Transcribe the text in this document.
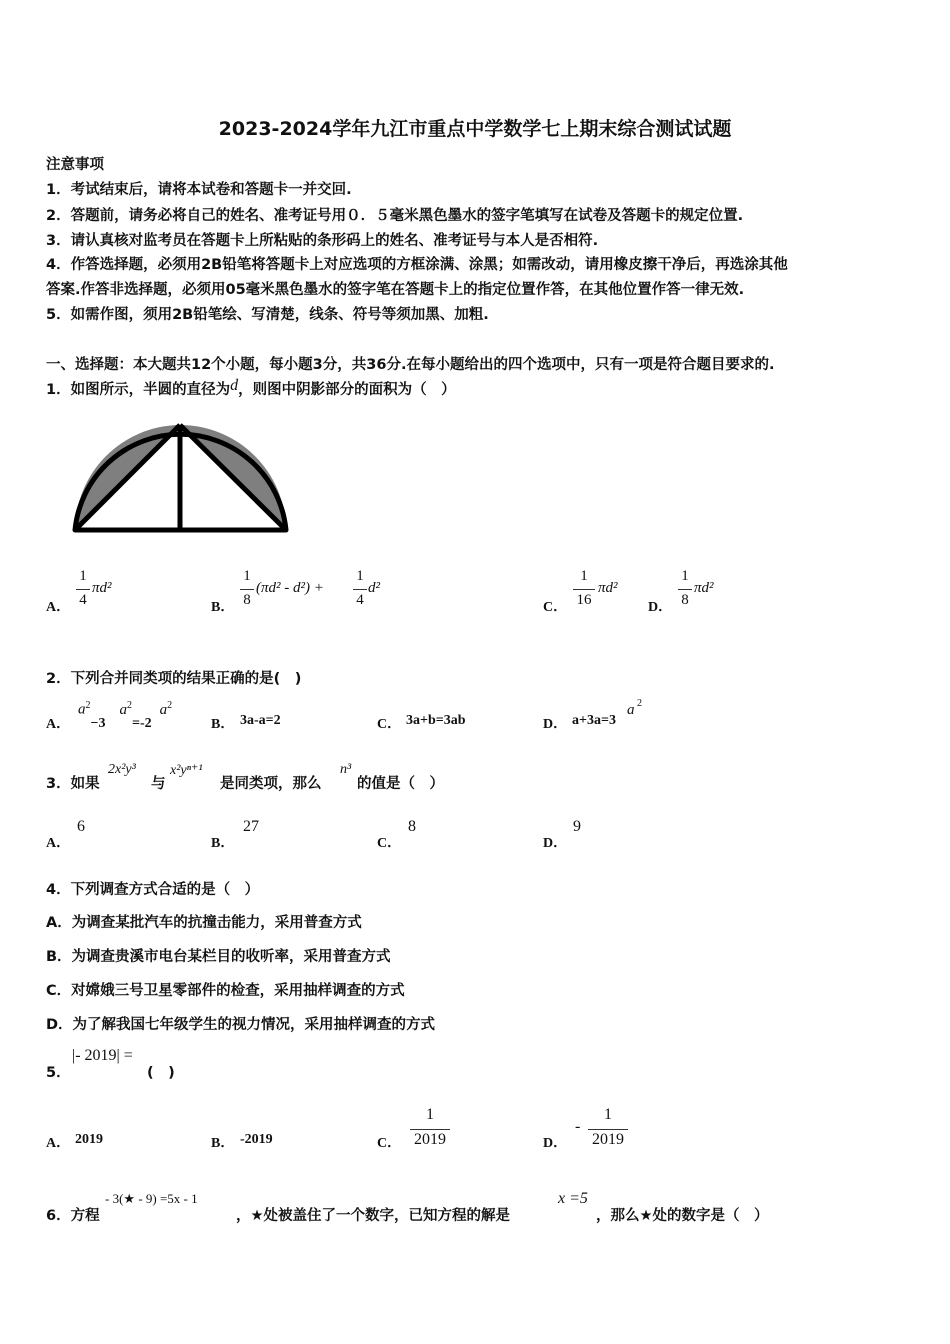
2023-2024学年九江市重点中学数学七上期末综合测试试题
注意事项
1．考试结束后，请将本试卷和答题卡一并交回.
2．答题前，请务必将自己的姓名、准考证号用０．５毫米黑色墨水的签字笔填写在试卷及答题卡的规定位置.
3．请认真核对监考员在答题卡上所粘贴的条形码上的姓名、准考证号与本人是否相符.
4．作答选择题，必须用2B铅笔将答题卡上对应选项的方框涂满、涂黑；如需改动，请用橡皮擦干净后，再选涂其他
答案.作答非选择题，必须用05毫米黑色墨水的签字笔在答题卡上的指定位置作答，在其他位置作答一律无效.
5．如需作图，须用2B铅笔绘、写清楚，线条、符号等须加黑、加粗.
一、选择题：本大题共12个小题，每小题3分，共36分.在每小题给出的四个选项中，只有一项是符合题目要求的.
1．如图所示，半圆的直径为d，则图中阴影部分的面积为（　）
A．
1
4
πd²
B．
1
8
(πd² - d²) +
1
4
d²
C．
1
16
πd²
D．
1
8
πd²
2．下列合并同类项的结果正确的是(　)
A．
$a^2-3a^2=-2a^2$
B． 3a-a=2	C． 3a+b=3ab	D． a+3a=3
a 2
3．如果
2x²y³
与
x²yⁿ⁺¹
是同类项，那么
n³
的值是（　）
A．
6
B．
27
C．
8
D．
9
4．下列调查方式合适的是（　）
A．为调查某批汽车的抗撞击能力，采用普查方式
B．为调查贵溪市电台某栏目的收听率，采用普查方式
C．对嫦娥三号卫星零部件的检查，采用抽样调查的方式
D．为了解我国七年级学生的视力情况，采用抽样调查的方式
5．
|- 2019| =
(　)
A． 2019	B． -2019	C．
1
2019	D．
-
1
2019
6．方程
- 3(★ - 9) =5x - 1
，★处被盖住了一个数字，已知方程的解是
x =5
，那么★处的数字是（　）
